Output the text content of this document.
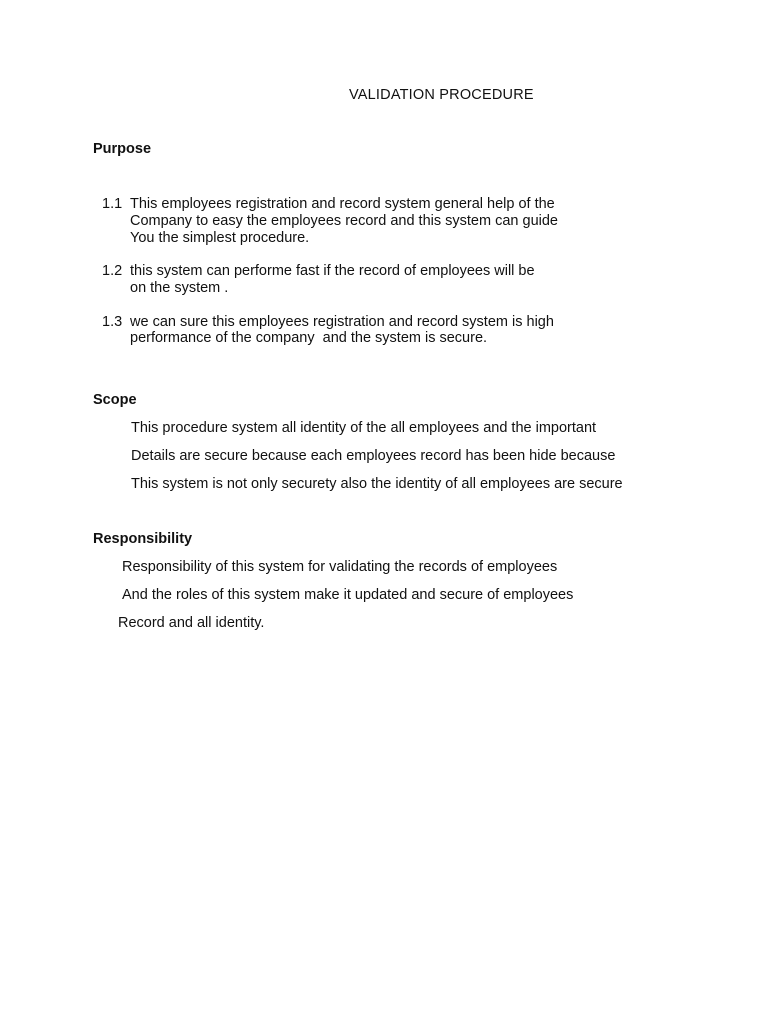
VALIDATION PROCEDURE
Purpose
1.1 This employees registration and record system general help of the
Company to easy the employees record and this system can guide
You the simplest procedure.
1.2 this system can performe fast if the record of employees will be
on the system .
1.3 we can sure this employees registration and record system is high
performance of the company  and the system is secure.
Scope
This procedure system all identity of the all employees and the important
Details are secure because each employees record has been hide because
This system is not only securety also the identity of all employees are secure
Responsibility
Responsibility of this system for validating the records of employees
And the roles of this system make it updated and secure of employees
Record and all identity.
